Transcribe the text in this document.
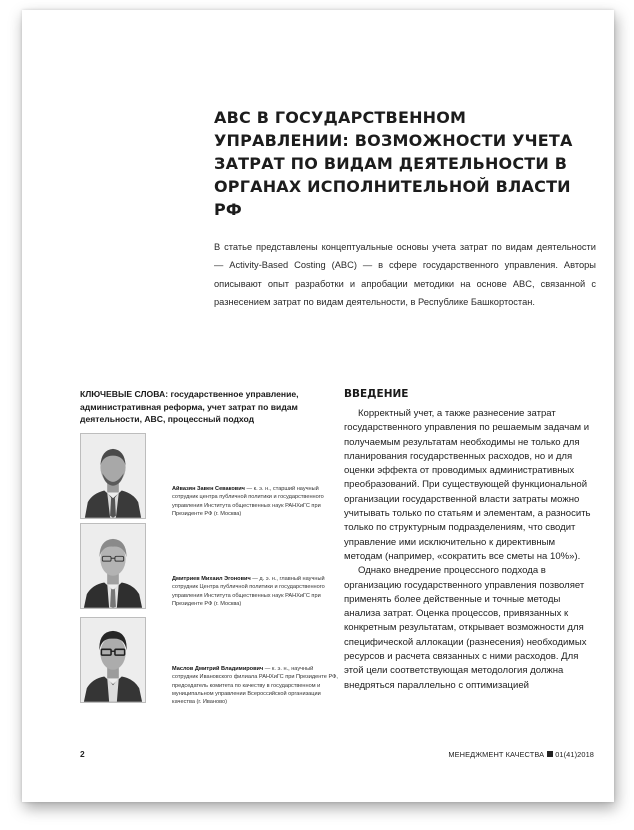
ABC В ГОСУДАРСТВЕННОМ УПРАВЛЕНИИ: ВОЗМОЖНОСТИ УЧЕТА ЗАТРАТ ПО ВИДАМ ДЕЯТЕЛЬНОСТИ В ОРГАНАХ ИСПОЛНИТЕЛЬНОЙ ВЛАСТИ РФ

В статье представлены концептуальные основы учета затрат по видам деятельности — Activity-Based Costing (ABC) — в сфере государственного управления. Авторы описывают опыт разработки и апробации методики на основе ABC, связанной с разнесением затрат по видам деятельности, в Республике Башкортостан.

КЛЮЧЕВЫЕ СЛОВА: государственное управление, административная реформа, учет затрат по видам деятельности, ABC, процессный подход

Айвазян Завен Севакович — к. э. н., старший научный сотрудник центра публичной политики и государственного управления Института общественных наук РАНХиГС при Президенте РФ (г. Москва)
Дмитриев Михаил Эгонович — д. э. н., главный научный сотрудник Центра публичной политики и государственного управления Института общественных наук РАНХиГС при Президенте РФ (г. Москва)
Маслов Дмитрий Владимирович — к. э. н., научный сотрудник Ивановского филиала РАНХиГС при Президенте РФ, председатель комитета по качеству в государственном и муниципальном управлении Всероссийской организации качества (г. Иваново)
ВВЕДЕНИЕ

Корректный учет, а также разнесение затрат государственного управления по решаемым задачам и получаемым результатам необходимы не только для планирования государственных расходов, но и для оценки эффекта от проводимых административных преобразований. При существующей функциональной организации государственной власти затраты можно учитывать только по статьям и элементам, а разносить только по структурным подразделениям, что сводит управление ими исключительно к директивным методам (например, «сократить все сметы на 10%»).

Однако внедрение процессного подхода в организацию государственного управления позволяет применять более действенные и точные методы анализа затрат. Оценка процессов, привязанных к конкретным результатам, открывает возможности для специфической аллокации (разнесения) необходимых ресурсов и расчета связанных с ними расходов. Для этой цели соответствующая методология должна внедряться параллельно с оптимизацией

2	МЕНЕДЖМЕНТ КАЧЕСТВА 01(41)2018
